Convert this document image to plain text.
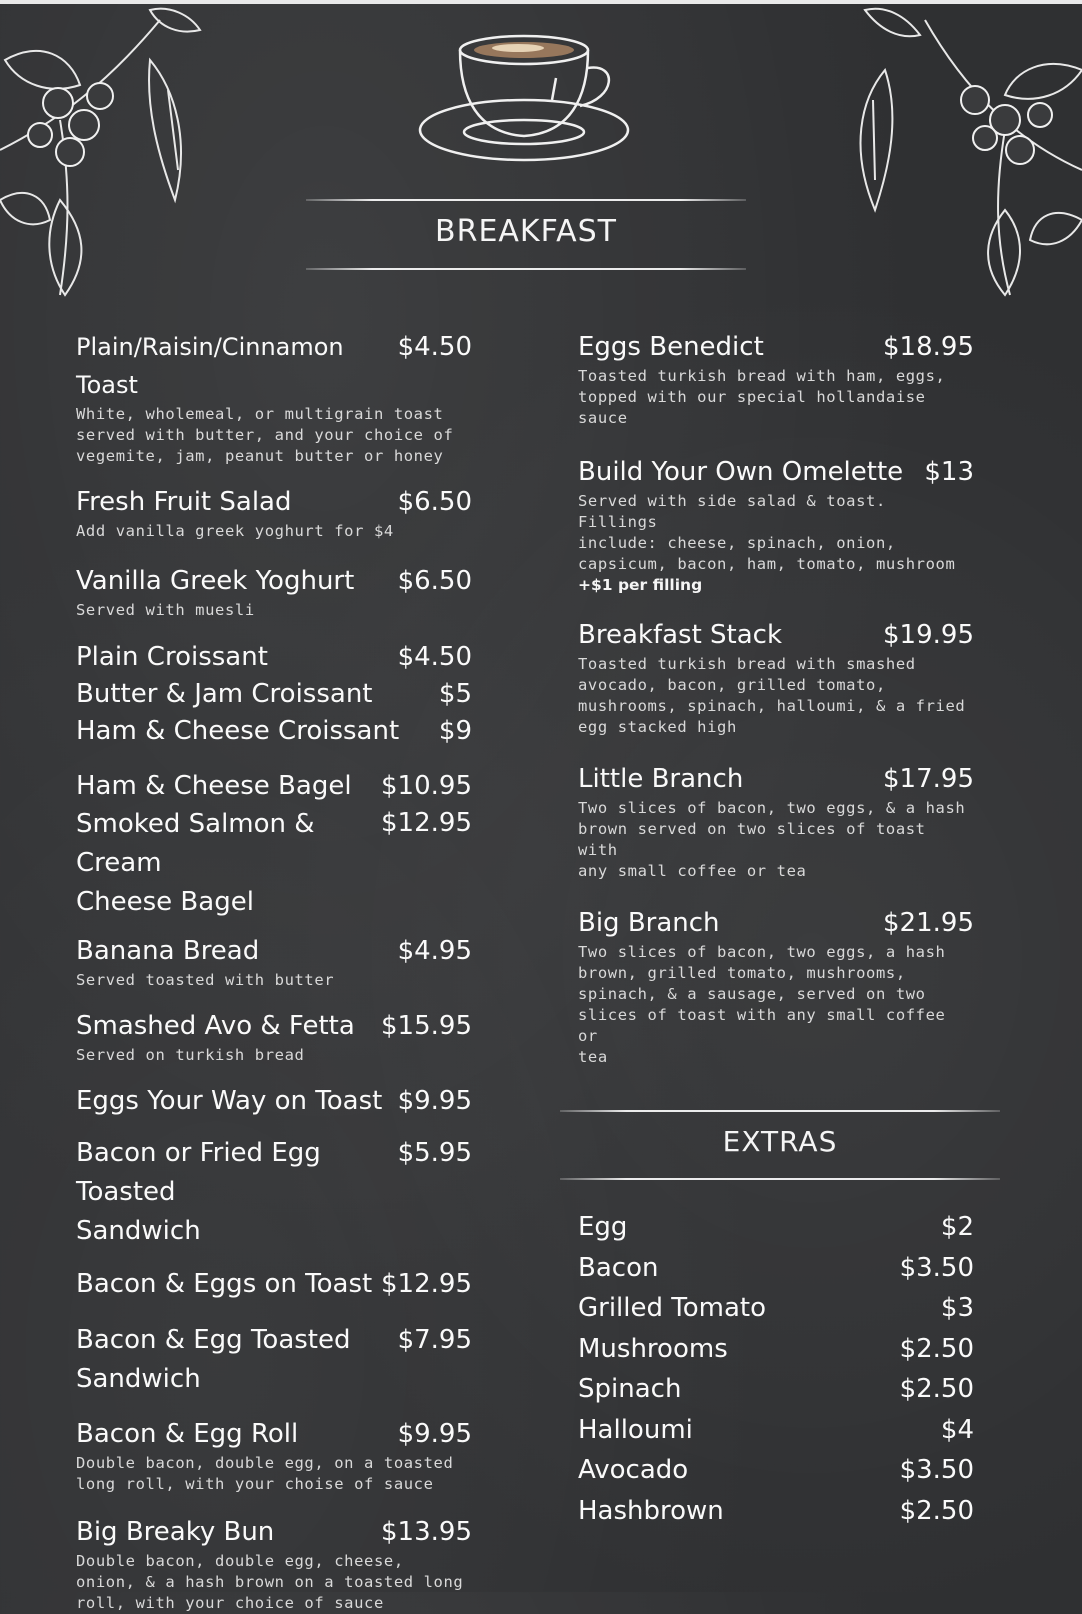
BREAKFAST
Plain/Raisin/Cinnamon Toast
$4.50
White, wholemeal, or multigrain toast
served with butter, and your choice of
vegemite, jam, peanut butter or honey
Fresh Fruit Salad	$6.50
Add vanilla greek yoghurt for $4
Vanilla Greek Yoghurt $6.50
Served with muesli
Plain Croissant	$4.50
Butter & Jam Croissant	$5
Ham & Cheese Croissant $9
Ham & Cheese Bagel $10.95
Smoked Salmon & Cream
Cheese Bagel
$12.95
Banana Bread	$4.95
Served toasted with butter
Smashed Avo & Fetta $15.95
Served on turkish bread
Eggs Your Way on Toast $9.95
Bacon or Fried Egg Toasted
Sandwich
$5.95
Bacon & Eggs on Toast $12.95
Bacon & Egg Toasted
Sandwich
$7.95
Bacon & Egg Roll	$9.95
Double bacon, double egg, on a toasted
long roll, with your choise of sauce
Big Breaky Bun	$13.95
Double bacon, double egg, cheese,
onion, & a hash brown on a toasted long
roll, with your choice of sauce
Eggs Benedict	$18.95
Toasted turkish bread with ham, eggs,
topped with our special hollandaise sauce
Build Your Own Omelette $13
Served with side salad & toast. Fillings
include: cheese, spinach, onion,
capsicum, bacon, ham, tomato, mushroom
+$1 per filling
Breakfast Stack	$19.95
Toasted turkish bread with smashed
avocado, bacon, grilled tomato,
mushrooms, spinach, halloumi, & a fried
egg stacked high
Little Branch	$17.95
Two slices of bacon, two eggs, & a hash
brown served on two slices of toast with
any small coffee or tea
Big Branch	$21.95
Two slices of bacon, two eggs, a hash
brown, grilled tomato, mushrooms,
spinach, & a sausage, served on two
slices of toast with any small coffee or
tea
EXTRAS
Egg	$2
Bacon	$3.50
Grilled Tomato	$3
Mushrooms	$2.50
Spinach	$2.50
Halloumi	$4
Avocado	$3.50
Hashbrown	$2.50
